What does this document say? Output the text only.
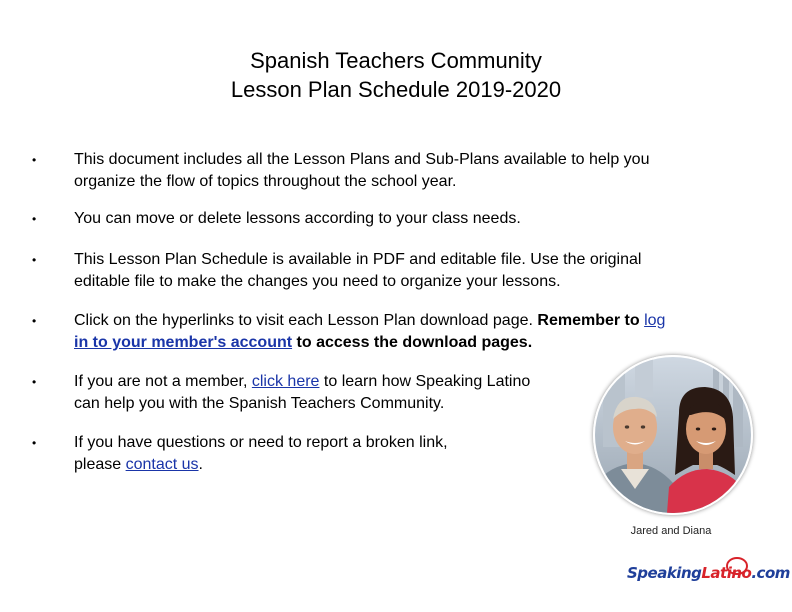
Spanish Teachers Community
Lesson Plan Schedule 2019-2020
• This document includes all the Lesson Plans and Sub-Plans available to help you
organize the flow of topics throughout the school year.
• You can move or delete lessons according to your class needs.
• This Lesson Plan Schedule is available in PDF and editable file. Use the original
editable file to make the changes you need to organize your lessons.
• Click on the hyperlinks to visit each Lesson Plan download page. Remember to log
in to your member's account to access the download pages.
• If you are not a member, click here to learn how Speaking Latino
can help you with the Spanish Teachers Community.
• If you have questions or need to report a broken link,
please contact us.
Jared and Diana
SpeakingLatino.com
